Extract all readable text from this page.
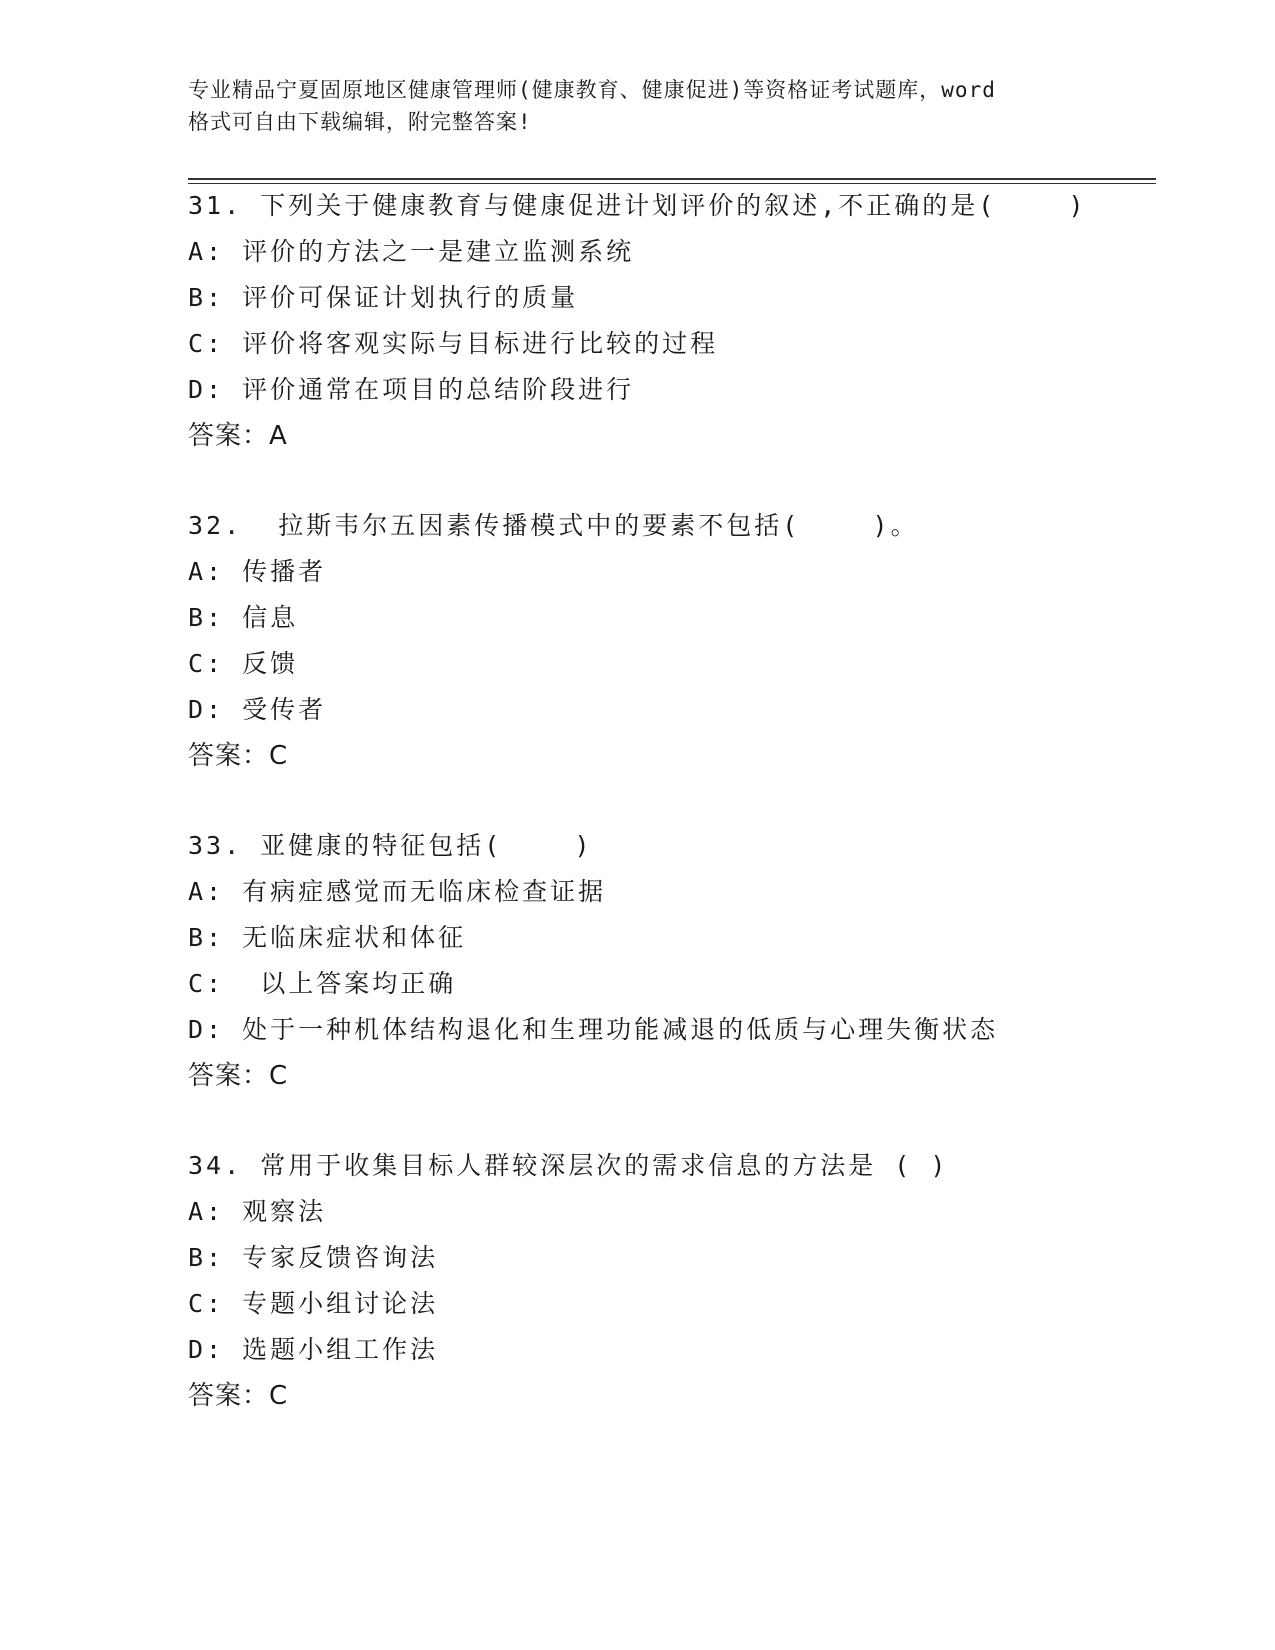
专业精品宁夏固原地区健康管理师(健康教育、健康促进)等资格证考试题库，word
格式可自由下载编辑，附完整答案!
31. 下列关于健康教育与健康促进计划评价的叙述,不正确的是(    )
A: 评价的方法之一是建立监测系统
B: 评价可保证计划执行的质量
C: 评价将客观实际与目标进行比较的过程
D: 评价通常在项目的总结阶段进行
答案：A
32.  拉斯韦尔五因素传播模式中的要素不包括(    )。
A: 传播者
B: 信息
C: 反馈
D: 受传者
答案：C
33. 亚健康的特征包括(    )
A: 有病症感觉而无临床检查证据
B: 无临床症状和体征
C:  以上答案均正确
D: 处于一种机体结构退化和生理功能减退的低质与心理失衡状态
答案：C
34. 常用于收集目标人群较深层次的需求信息的方法是 ( )
A: 观察法
B: 专家反馈咨询法
C: 专题小组讨论法
D: 选题小组工作法
答案：C
